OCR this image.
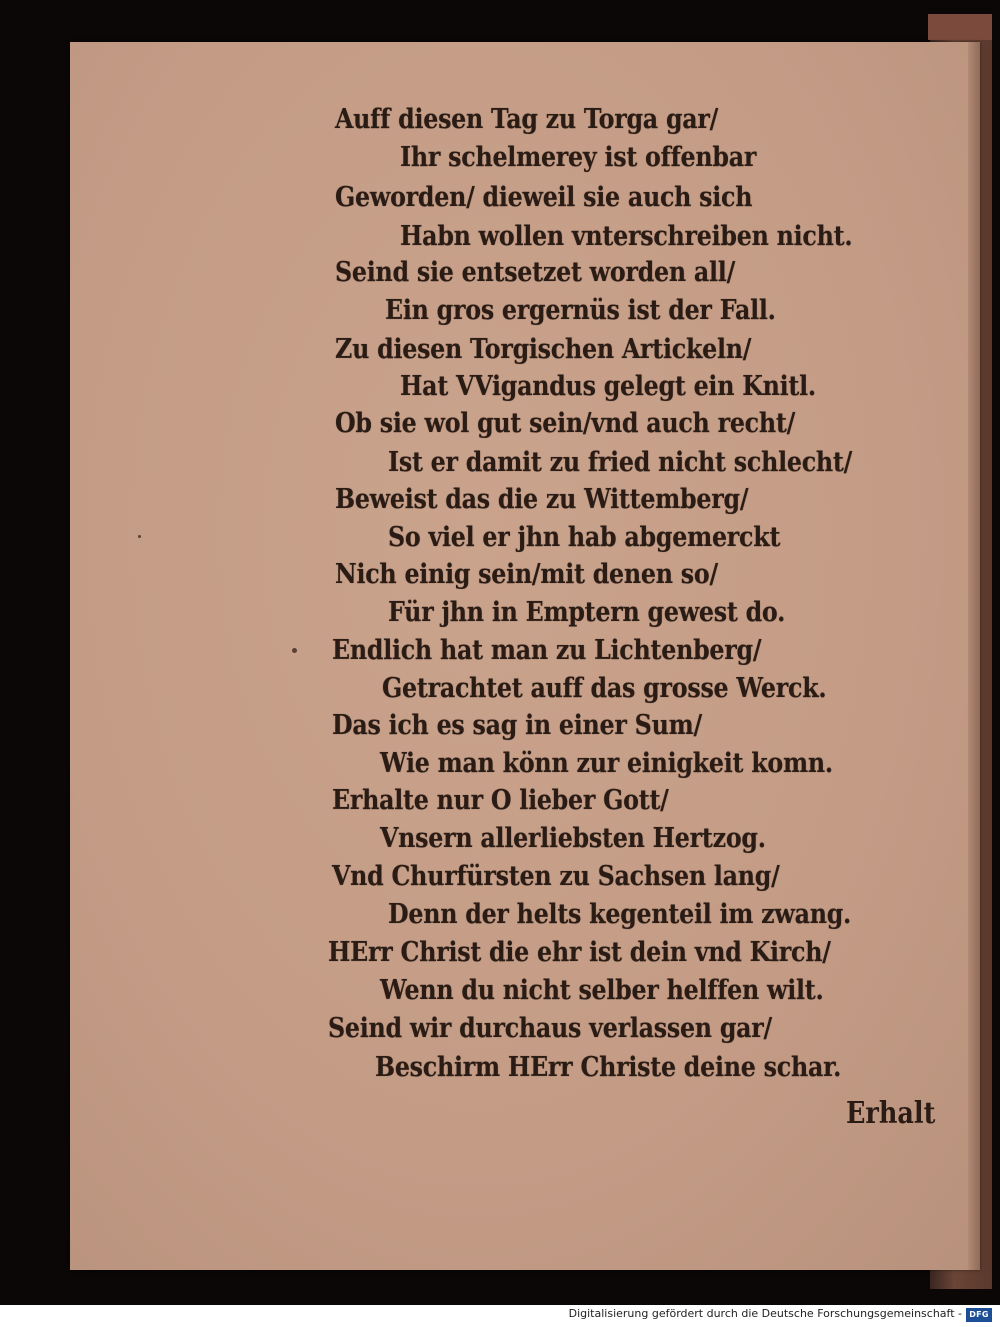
Auff diesen Tag zu Torga gar/
Ihr schelmerey ist offenbar
Geworden/ dieweil sie auch sich
Habn wollen vnterschreiben nicht.
Seind sie entsetzet worden all/
Ein gros ergernüs ist der Fall.
Zu diesen Torgischen Artickeln/
Hat VVigandus gelegt ein Knitl.
Ob sie wol gut sein/vnd auch recht/
Ist er damit zu fried nicht schlecht/
Beweist das die zu Wittemberg/
So viel er jhn hab abgemerckt
Nich einig sein/mit denen so/
Für jhn in Emptern gewest do.
Endlich hat man zu Lichtenberg/
Getrachtet auff das grosse Werck.
Das ich es sag in einer Sum/
Wie man könn zur einigkeit komn.
Erhalte nur O lieber Gott/
Vnsern allerliebsten Hertzog.
Vnd Churfürsten zu Sachsen lang/
Denn der helts kegenteil im zwang.
HErr Christ die ehr ist dein vnd Kirch/
Wenn du nicht selber helffen wilt.
Seind wir durchaus verlassen gar/
Beschirm HErr Christe deine schar.
Erhalt
Digitalisierung gefördert durch die Deutsche Forschungsgemeinschaft - DFG
